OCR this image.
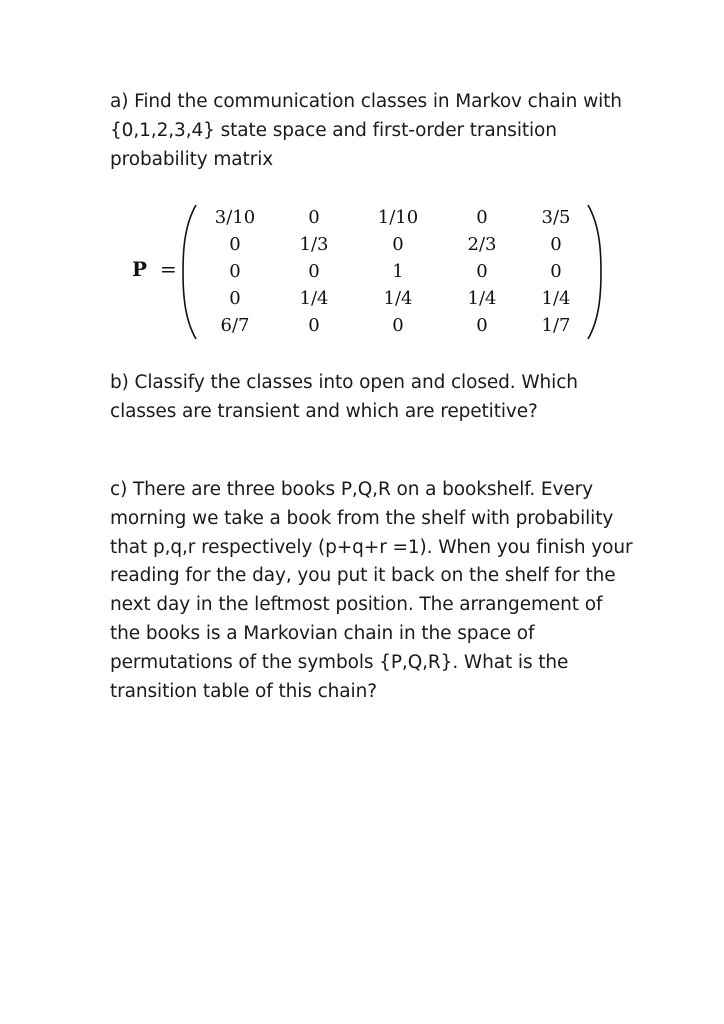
a) Find the communication classes in Markov chain with
{0,1,2,3,4} state space and first-order transition
probability matrix
P =
3/10	0	1/10	0	3/5
0	1/3	0	2/3	0
0	0	1	0	0
0	1/4	1/4	1/4	1/4
6/7	0	0	0	1/7
b) Classify the classes into open and closed. Which
classes are transient and which are repetitive?
c) There are three books P,Q,R on a bookshelf. Every
morning we take a book from the shelf with probability
that p,q,r respectively (p+q+r =1). When you finish your
reading for the day, you put it back on the shelf for the
next day in the leftmost position. The arrangement of
the books is a Markovian chain in the space of
permutations of the symbols {P,Q,R}. What is the
transition table of this chain?
